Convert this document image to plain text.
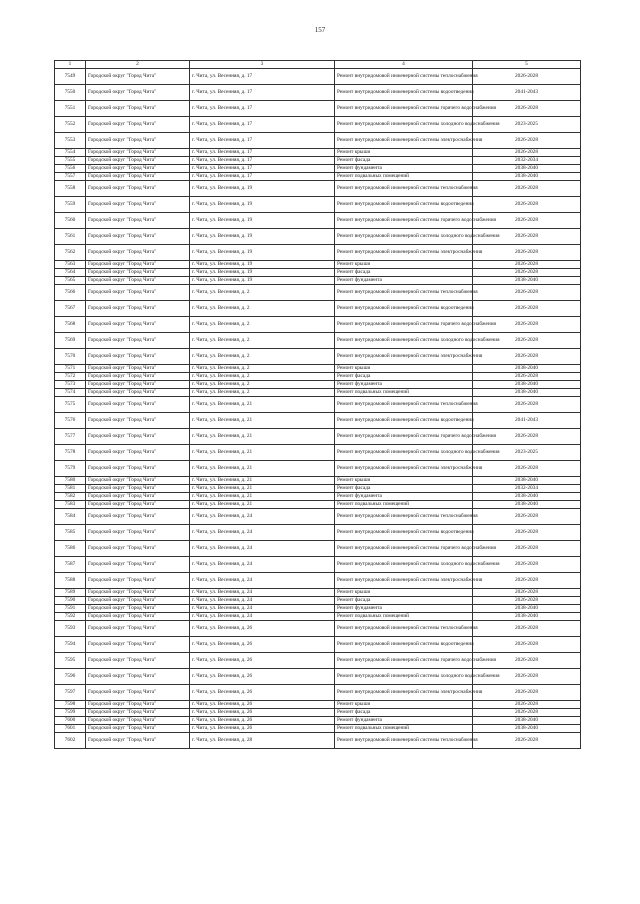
157
1	2	3	4	5
7549	Городской округ "Город Чита"	г. Чита, ул. Весенняя, д. 17	Ремонт внутридомовой инженерной системы теплоснабжения	2026-2028
7550	Городской округ "Город Чита"	г. Чита, ул. Весенняя, д. 17	Ремонт внутридомовой инженерной системы водоотведения	2041-2043
7551	Городской округ "Город Чита"	г. Чита, ул. Весенняя, д. 17	Ремонт внутридомовой инженерной системы горячего водоснабжения	2026-2028
7552	Городской округ "Город Чита"	г. Чита, ул. Весенняя, д. 17	Ремонт внутридомовой инженерной системы холодного водоснабжения	2023-2025
7553	Городской округ "Город Чита"	г. Чита, ул. Весенняя, д. 17	Ремонт внутридомовой инженерной системы электроснабжения	2026-2028
7554	Городской округ "Город Чита"	г. Чита, ул. Весенняя, д. 17	Ремонт крыши	2026-2028
7555	Городской округ "Город Чита"	г. Чита, ул. Весенняя, д. 17	Ремонт фасада	2032-2034
7556	Городской округ "Город Чита"	г. Чита, ул. Весенняя, д. 17	Ремонт фундамента	2038-2040
7557	Городской округ "Город Чита"	г. Чита, ул. Весенняя, д. 17	Ремонт подвальных помещений	2038-2040
7558	Городской округ "Город Чита"	г. Чита, ул. Весенняя, д. 19	Ремонт внутридомовой инженерной системы теплоснабжения	2026-2028
7559	Городской округ "Город Чита"	г. Чита, ул. Весенняя, д. 19	Ремонт внутридомовой инженерной системы водоотведения	2026-2028
7560	Городской округ "Город Чита"	г. Чита, ул. Весенняя, д. 19	Ремонт внутридомовой инженерной системы горячего водоснабжения	2026-2028
7561	Городской округ "Город Чита"	г. Чита, ул. Весенняя, д. 19	Ремонт внутридомовой инженерной системы холодного водоснабжения	2026-2028
7562	Городской округ "Город Чита"	г. Чита, ул. Весенняя, д. 19	Ремонт внутридомовой инженерной системы электроснабжения	2026-2028
7563	Городской округ "Город Чита"	г. Чита, ул. Весенняя, д. 19	Ремонт крыши	2026-2028
7564	Городской округ "Город Чита"	г. Чита, ул. Весенняя, д. 19	Ремонт фасада	2026-2028
7565	Городской округ "Город Чита"	г. Чита, ул. Весенняя, д. 19	Ремонт фундамента	2038-2040
7566	Городской округ "Город Чита"	г. Чита, ул. Весенняя, д. 2	Ремонт внутридомовой инженерной системы теплоснабжения	2026-2028
7567	Городской округ "Город Чита"	г. Чита, ул. Весенняя, д. 2	Ремонт внутридомовой инженерной системы водоотведения	2026-2028
7568	Городской округ "Город Чита"	г. Чита, ул. Весенняя, д. 2	Ремонт внутридомовой инженерной системы горячего водоснабжения	2026-2028
7569	Городской округ "Город Чита"	г. Чита, ул. Весенняя, д. 2	Ремонт внутридомовой инженерной системы холодного водоснабжения	2026-2028
7570	Городской округ "Город Чита"	г. Чита, ул. Весенняя, д. 2	Ремонт внутридомовой инженерной системы электроснабжения	2026-2028
7571	Городской округ "Город Чита"	г. Чита, ул. Весенняя, д. 2	Ремонт крыши	2038-2040
7572	Городской округ "Город Чита"	г. Чита, ул. Весенняя, д. 2	Ремонт фасада	2026-2028
7573	Городской округ "Город Чита"	г. Чита, ул. Весенняя, д. 2	Ремонт фундамента	2038-2040
7574	Городской округ "Город Чита"	г. Чита, ул. Весенняя, д. 2	Ремонт подвальных помещений	2038-2040
7575	Городской округ "Город Чита"	г. Чита, ул. Весенняя, д. 21	Ремонт внутридомовой инженерной системы теплоснабжения	2026-2028
7576	Городской округ "Город Чита"	г. Чита, ул. Весенняя, д. 21	Ремонт внутридомовой инженерной системы водоотведения	2041-2043
7577	Городской округ "Город Чита"	г. Чита, ул. Весенняя, д. 21	Ремонт внутридомовой инженерной системы горячего водоснабжения	2026-2028
7578	Городской округ "Город Чита"	г. Чита, ул. Весенняя, д. 21	Ремонт внутридомовой инженерной системы холодного водоснабжения	2023-2025
7579	Городской округ "Город Чита"	г. Чита, ул. Весенняя, д. 21	Ремонт внутридомовой инженерной системы электроснабжения	2026-2028
7580	Городской округ "Город Чита"	г. Чита, ул. Весенняя, д. 21	Ремонт крыши	2038-2040
7581	Городской округ "Город Чита"	г. Чита, ул. Весенняя, д. 21	Ремонт фасада	2032-2034
7582	Городской округ "Город Чита"	г. Чита, ул. Весенняя, д. 21	Ремонт фундамента	2038-2040
7583	Городской округ "Город Чита"	г. Чита, ул. Весенняя, д. 21	Ремонт подвальных помещений	2038-2040
7584	Городской округ "Город Чита"	г. Чита, ул. Весенняя, д. 24	Ремонт внутридомовой инженерной системы теплоснабжения	2026-2028
7585	Городской округ "Город Чита"	г. Чита, ул. Весенняя, д. 24	Ремонт внутридомовой инженерной системы водоотведения	2026-2028
7586	Городской округ "Город Чита"	г. Чита, ул. Весенняя, д. 24	Ремонт внутридомовой инженерной системы горячего водоснабжения	2026-2028
7587	Городской округ "Город Чита"	г. Чита, ул. Весенняя, д. 24	Ремонт внутридомовой инженерной системы холодного водоснабжения	2026-2028
7588	Городской округ "Город Чита"	г. Чита, ул. Весенняя, д. 24	Ремонт внутридомовой инженерной системы электроснабжения	2026-2028
7589	Городской округ "Город Чита"	г. Чита, ул. Весенняя, д. 24	Ремонт крыши	2026-2028
7590	Городской округ "Город Чита"	г. Чита, ул. Весенняя, д. 24	Ремонт фасада	2026-2028
7591	Городской округ "Город Чита"	г. Чита, ул. Весенняя, д. 24	Ремонт фундамента	2038-2040
7592	Городской округ "Город Чита"	г. Чита, ул. Весенняя, д. 24	Ремонт подвальных помещений	2038-2040
7593	Городской округ "Город Чита"	г. Чита, ул. Весенняя, д. 26	Ремонт внутридомовой инженерной системы теплоснабжения	2026-2028
7594	Городской округ "Город Чита"	г. Чита, ул. Весенняя, д. 26	Ремонт внутридомовой инженерной системы водоотведения	2026-2028
7595	Городской округ "Город Чита"	г. Чита, ул. Весенняя, д. 26	Ремонт внутридомовой инженерной системы горячего водоснабжения	2026-2028
7596	Городской округ "Город Чита"	г. Чита, ул. Весенняя, д. 26	Ремонт внутридомовой инженерной системы холодного водоснабжения	2026-2028
7597	Городской округ "Город Чита"	г. Чита, ул. Весенняя, д. 26	Ремонт внутридомовой инженерной системы электроснабжения	2026-2028
7598	Городской округ "Город Чита"	г. Чита, ул. Весенняя, д. 26	Ремонт крыши	2026-2028
7599	Городской округ "Город Чита"	г. Чита, ул. Весенняя, д. 26	Ремонт фасада	2026-2028
7600	Городской округ "Город Чита"	г. Чита, ул. Весенняя, д. 26	Ремонт фундамента	2038-2040
7601	Городской округ "Город Чита"	г. Чита, ул. Весенняя, д. 26	Ремонт подвальных помещений	2038-2040
7602	Городской округ "Город Чита"	г. Чита, ул. Весенняя, д. 28	Ремонт внутридомовой инженерной системы теплоснабжения	2026-2028
